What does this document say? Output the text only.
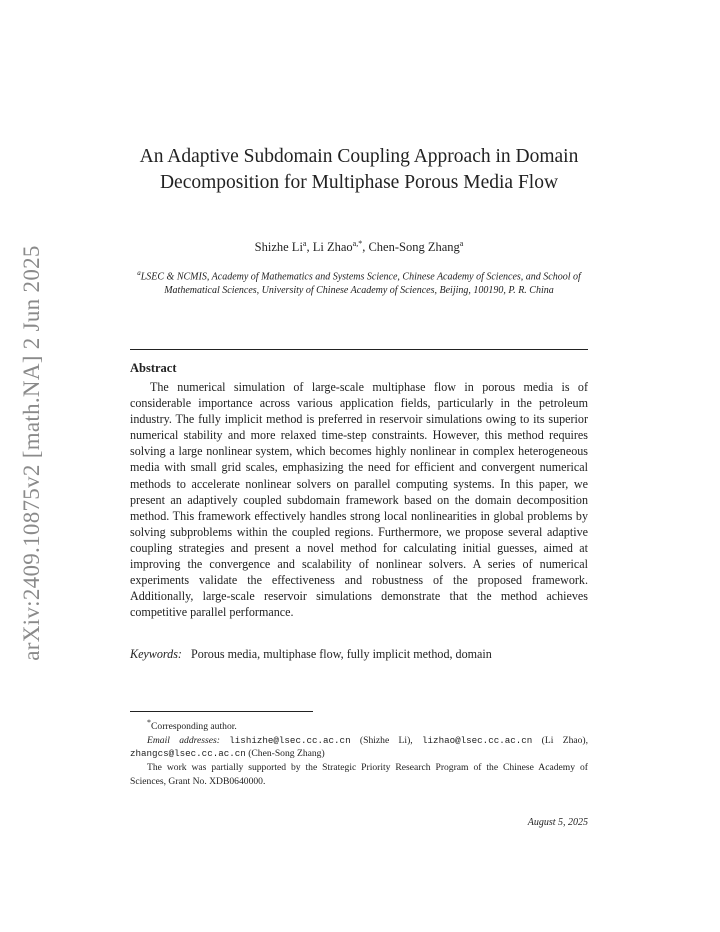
arXiv:2409.10875v2 [math.NA] 2 Jun 2025
An Adaptive Subdomain Coupling Approach in Domain Decomposition for Multiphase Porous Media Flow
Shizhe Li$^a$, Li Zhao$^{a,*}$, Chen-Song Zhang$^a$
$^a$LSEC & NCMIS, Academy of Mathematics and Systems Science, Chinese Academy of Sciences, and School of Mathematical Sciences, University of Chinese Academy of Sciences, Beijing, 100190, P. R. China
Abstract
The numerical simulation of large-scale multiphase flow in porous media is of considerable importance across various application fields, particularly in the petroleum industry. The fully implicit method is preferred in reservoir simulations owing to its superior numerical stability and more relaxed time-step constraints. However, this method requires solving a large nonlinear system, which becomes highly nonlinear in complex heterogeneous media with small grid scales, emphasizing the need for efficient and convergent numerical methods to accelerate nonlinear solvers on parallel computing systems. In this paper, we present an adaptively coupled subdomain framework based on the domain decomposition method. This framework effectively handles strong local nonlinearities in global problems by solving subproblems within the coupled regions. Furthermore, we propose several adaptive coupling strategies and present a novel method for calculating initial guesses, aimed at improving the convergence and scalability of nonlinear solvers. A series of numerical experiments validate the effectiveness and robustness of the proposed framework. Additionally, large-scale reservoir simulations demonstrate that the method achieves competitive parallel performance.
Keywords: Porous media, multiphase flow, fully implicit method, domain
*Corresponding author.
Email addresses: lishizhe@lsec.cc.ac.cn (Shizhe Li), lizhao@lsec.cc.ac.cn (Li Zhao), zhangcs@lsec.cc.ac.cn (Chen-Song Zhang)
The work was partially supported by the Strategic Priority Research Program of the Chinese Academy of Sciences, Grant No. XDB0640000.
August 5, 2025
